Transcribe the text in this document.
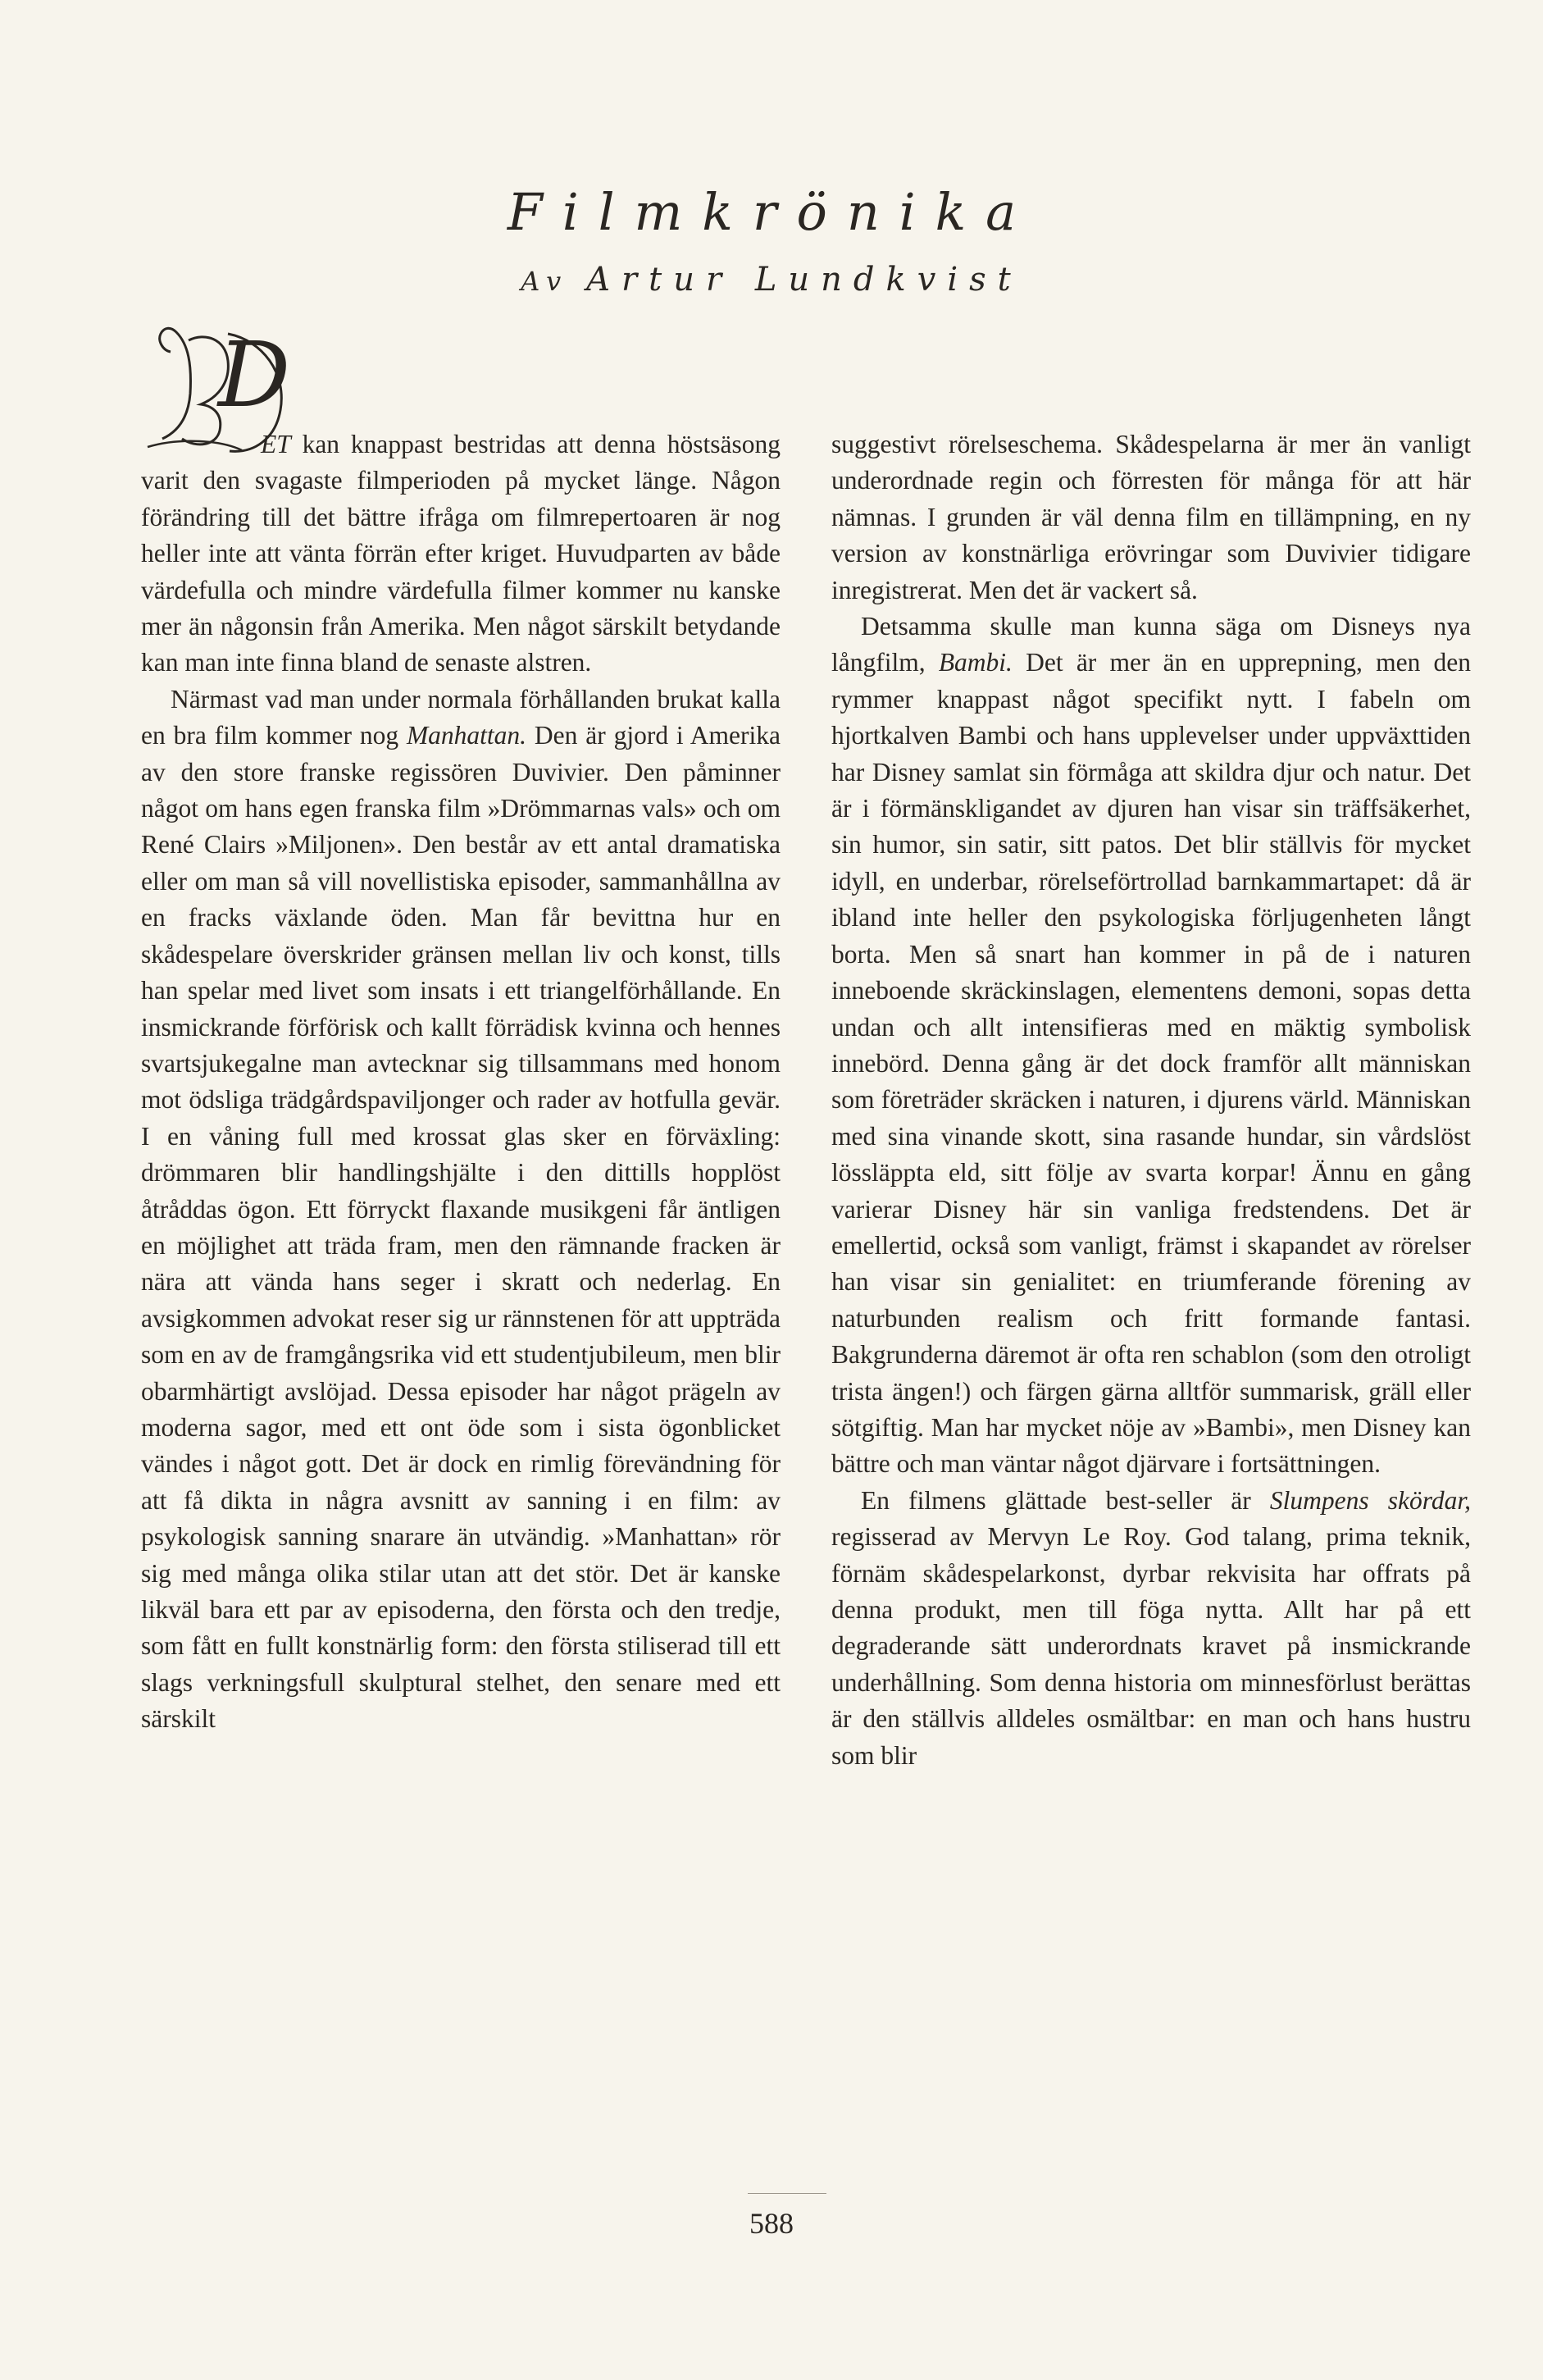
Filmkrönika
Av Artur Lundkvist
D

ET kan knappast bestridas att denna höstsäsong varit den svagaste filmperioden på mycket länge. Någon förändring till det bättre ifråga om filmrepertoaren är nog heller inte att vänta förrän efter kriget. Huvudparten av både värdefulla och mindre värdefulla filmer kommer nu kanske mer än någonsin från Amerika. Men något särskilt betydande kan man inte finna bland de senaste alstren.

Närmast vad man under normala förhållanden brukat kalla en bra film kommer nog Manhattan. Den är gjord i Amerika av den store franske regissören Duvivier. Den påminner något om hans egen franska film »Drömmarnas vals» och om René Clairs »Miljonen». Den består av ett antal dramatiska eller om man så vill novellistiska episoder, sammanhållna av en fracks växlande öden. Man får bevittna hur en skådespelare överskrider gränsen mellan liv och konst, tills han spelar med livet som insats i ett triangelförhållande. En insmickrande förförisk och kallt förrädisk kvinna och hennes svartsjukegalne man avtecknar sig tillsammans med honom mot ödsliga trädgårdspaviljonger och rader av hotfulla gevär. I en våning full med krossat glas sker en förväxling: drömmaren blir handlingshjälte i den dittills hopplöst åtråddas ögon. Ett förryckt flaxande musikgeni får äntligen en möjlighet att träda fram, men den rämnande fracken är nära att vända hans seger i skratt och nederlag. En avsigkommen advokat reser sig ur rännstenen för att uppträda som en av de framgångsrika vid ett studentjubileum, men blir obarmhärtigt avslöjad. Dessa episoder har något prägeln av moderna sagor, med ett ont öde som i sista ögonblicket vändes i något gott. Det är dock en rimlig förevändning för att få dikta in några avsnitt av sanning i en film: av psykologisk sanning snarare än utvändig. »Manhattan» rör sig med många olika stilar utan att det stör. Det är kanske likväl bara ett par av episoderna, den första och den tredje, som fått en fullt konstnärlig form: den första stiliserad till ett slags verkningsfull skulptural stelhet, den senare med ett särskilt

suggestivt rörelseschema. Skådespelarna är mer än vanligt underordnade regin och förresten för många för att här nämnas. I grunden är väl denna film en tillämpning, en ny version av konstnärliga erövringar som Duvivier tidigare inregistrerat. Men det är vackert så.

Detsamma skulle man kunna säga om Disneys nya långfilm, Bambi. Det är mer än en upprepning, men den rymmer knappast något specifikt nytt. I fabeln om hjortkalven Bambi och hans upplevelser under uppväxttiden har Disney samlat sin förmåga att skildra djur och natur. Det är i förmänskligandet av djuren han visar sin träffsäkerhet, sin humor, sin satir, sitt patos. Det blir ställvis för mycket idyll, en underbar, rörelseförtrollad barnkammartapet: då är ibland inte heller den psykologiska förljugenheten långt borta. Men så snart han kommer in på de i naturen inneboende skräckinslagen, elementens demoni, sopas detta undan och allt intensifieras med en mäktig symbolisk innebörd. Denna gång är det dock framför allt människan som företräder skräcken i naturen, i djurens värld. Människan med sina vinande skott, sina rasande hundar, sin vårdslöst lössläppta eld, sitt följe av svarta korpar! Ännu en gång varierar Disney här sin vanliga fredstendens. Det är emellertid, också som vanligt, främst i skapandet av rörelser han visar sin genialitet: en triumferande förening av naturbunden realism och fritt formande fantasi. Bakgrunderna däremot är ofta ren schablon (som den otroligt trista ängen!) och färgen gärna alltför summarisk, gräll eller sötgiftig. Man har mycket nöje av »Bambi», men Disney kan bättre och man väntar något djärvare i fortsättningen.

En filmens glättade best-seller är Slumpens skördar, regisserad av Mervyn Le Roy. God talang, prima teknik, förnäm skådespelarkonst, dyrbar rekvisita har offrats på denna produkt, men till föga nytta. Allt har på ett degraderande sätt underordnats kravet på insmickrande underhållning. Som denna historia om minnesförlust berättas är den ställvis alldeles osmältbar: en man och hans hustru som blir

588
